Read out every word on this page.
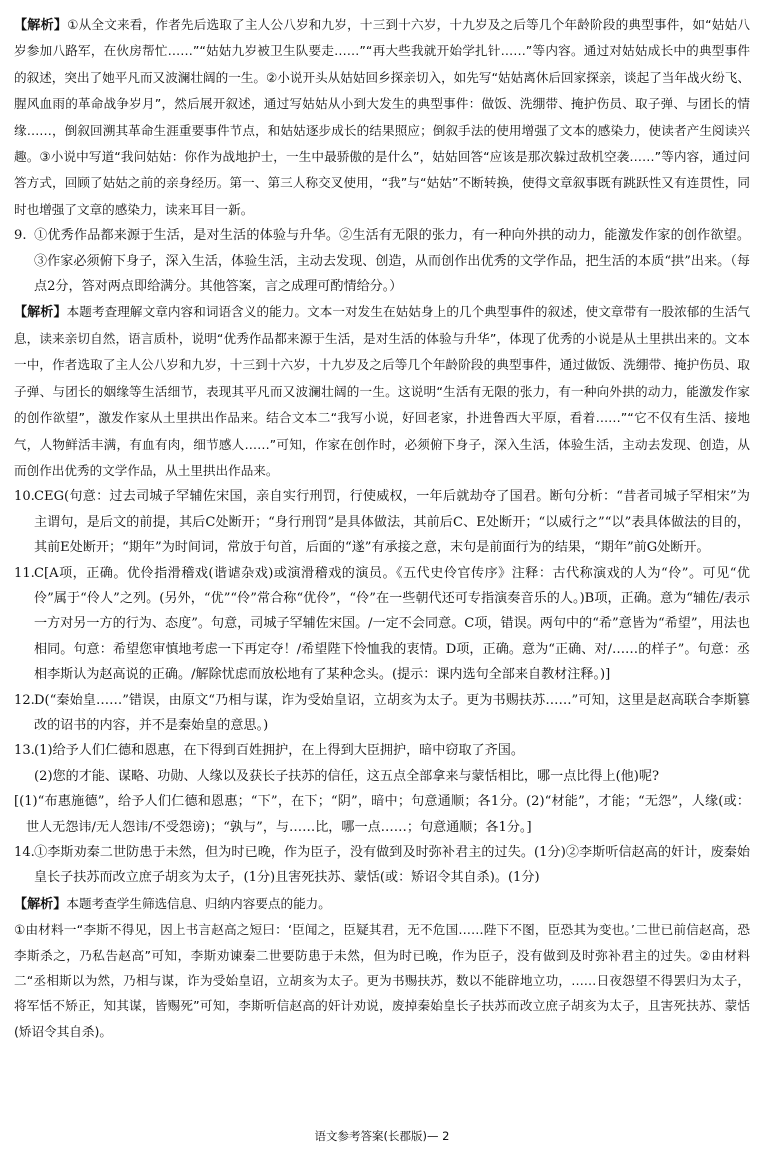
【解析】①从全文来看，作者先后选取了主人公八岁和九岁，十三到十六岁，十九岁及之后等几个年龄阶段的典型事件，如“姑姑八岁参加八路军，在伙房帮忙……”“姑姑九岁被卫生队要走……”“再大些我就开始学扎针……”等内容。通过对姑姑成长中的典型事件的叙述，突出了她平凡而又波澜壮阔的一生。②小说开头从姑姑回乡探亲切入，如先写“姑姑离休后回家探亲，谈起了当年战火纷飞、腥风血雨的革命战争岁月”，然后展开叙述，通过写姑姑从小到大发生的典型事件：做饭、洗绷带、掩护伤员、取子弹、与团长的情缘……，倒叙回溯其革命生涯重要事件节点，和姑姑逐步成长的结果照应；倒叙手法的使用增强了文本的感染力，使读者产生阅读兴趣。③小说中写道“我问姑姑：你作为战地护士，一生中最骄傲的是什么”，姑姑回答“应该是那次躲过敌机空袭……”等内容，通过问答方式，回顾了姑姑之前的亲身经历。第一、第三人称交叉使用，“我”与“姑姑”不断转换，使得文章叙事既有跳跃性又有连贯性，同时也增强了文章的感染力，读来耳目一新。

9. ①优秀作品都来源于生活，是对生活的体验与升华。②生活有无限的张力，有一种向外拱的动力，能激发作家的创作欲望。③作家必须俯下身子，深入生活，体验生活，主动去发现、创造，从而创作出优秀的文学作品，把生活的本质“拱”出来。（每点2分，答对两点即给满分。其他答案，言之成理可酌情给分。）

【解析】本题考查理解文章内容和词语含义的能力。文本一对发生在姑姑身上的几个典型事件的叙述，使文章带有一股浓郁的生活气息，读来亲切自然，语言质朴，说明“优秀作品都来源于生活，是对生活的体验与升华”，体现了优秀的小说是从土里拱出来的。文本一中，作者选取了主人公八岁和九岁，十三到十六岁，十九岁及之后等几个年龄阶段的典型事件，通过做饭、洗绷带、掩护伤员、取子弹、与团长的姻缘等生活细节，表现其平凡而又波澜壮阔的一生。这说明“生活有无限的张力，有一种向外拱的动力，能激发作家的创作欲望”，激发作家从土里拱出作品来。结合文本二“我写小说，好回老家，扑进鲁西大平原，看着……”“它不仅有生活、接地气，人物鲜活丰满，有血有肉，细节感人……”可知，作家在创作时，必须俯下身子，深入生活，体验生活，主动去发现、创造，从而创作出优秀的文学作品，从土里拱出作品来。

10.CEG(句意：过去司城子罕辅佐宋国，亲自实行刑罚，行使威权，一年后就劫夺了国君。断句分析：“昔者司城子罕相宋”为主谓句，是后文的前提，其后C处断开；“身行刑罚”是具体做法，其前后C、E处断开；“以威行之”“以”表具体做法的目的，其前E处断开；“期年”为时间词，常放于句首，后面的“遂”有承接之意，末句是前面行为的结果，“期年”前G处断开。

11.C[A项，正确。优伶指滑稽戏(谐谑杂戏)或演滑稽戏的演员。《五代史伶官传序》注释：古代称演戏的人为“伶”。可见“优伶”属于“伶人”之列。(另外，“优”“伶”常合称“优伶”，“伶”在一些朝代还可专指演奏音乐的人。)B项，正确。意为“辅佐/表示一方对另一方的行为、态度”。句意，司城子罕辅佐宋国。/一定不会同意。C项，错误。两句中的“希”意皆为“希望”，用法也相同。句意：希望您审慎地考虑一下再定夺！/希望陛下怜恤我的衷情。D项，正确。意为“正确、对/……的样子”。句意：丞相李斯认为赵高说的正确。/解除忧虑而放松地有了某种念头。(提示：课内选句全部来自教材注释。)]

12.D(“秦始皇……”错误，由原文“乃相与谋，诈为受始皇诏，立胡亥为太子。更为书赐扶苏……”可知，这里是赵高联合李斯篡改的诏书的内容，并不是秦始皇的意思。)

13.(1)给予人们仁德和恩惠，在下得到百姓拥护，在上得到大臣拥护，暗中窃取了齐国。

(2)您的才能、谋略、功勋、人缘以及获长子扶苏的信任，这五点全部拿来与蒙恬相比，哪一点比得上(他)呢?

[(1)“布惠施德”，给予人们仁德和恩惠；“下”，在下；“阴”，暗中；句意通顺；各1分。(2)“材能”，才能；“无怨”，人缘(或：世人无怨讳/无人怨讳/不受怨谤)；“孰与”，与……比，哪一点……；句意通顺；各1分。]

14.①李斯劝秦二世防患于未然，但为时已晚，作为臣子，没有做到及时弥补君主的过失。(1分)②李斯听信赵高的奸计，废秦始皇长子扶苏而改立庶子胡亥为太子，(1分)且害死扶苏、蒙恬(或：矫诏令其自杀)。(1分)

【解析】本题考查学生筛选信息、归纳内容要点的能力。

①由材料一“李斯不得见，因上书言赵高之短曰：‘臣闻之，臣疑其君，无不危国……陛下不图，臣恐其为变也。’二世已前信赵高，恐李斯杀之，乃私告赵高”可知，李斯劝谏秦二世要防患于未然，但为时已晚，作为臣子，没有做到及时弥补君主的过失。②由材料二“丞相斯以为然，乃相与谋，诈为受始皇诏，立胡亥为太子。更为书赐扶苏，数以不能辟地立功，……日夜怨望不得罢归为太子，将军恬不矫正，知其谋，皆赐死”可知，李斯听信赵高的奸计劝说，废掉秦始皇长子扶苏而改立庶子胡亥为太子，且害死扶苏、蒙恬(矫诏令其自杀)。

语文参考答案(长郡版)— 2
